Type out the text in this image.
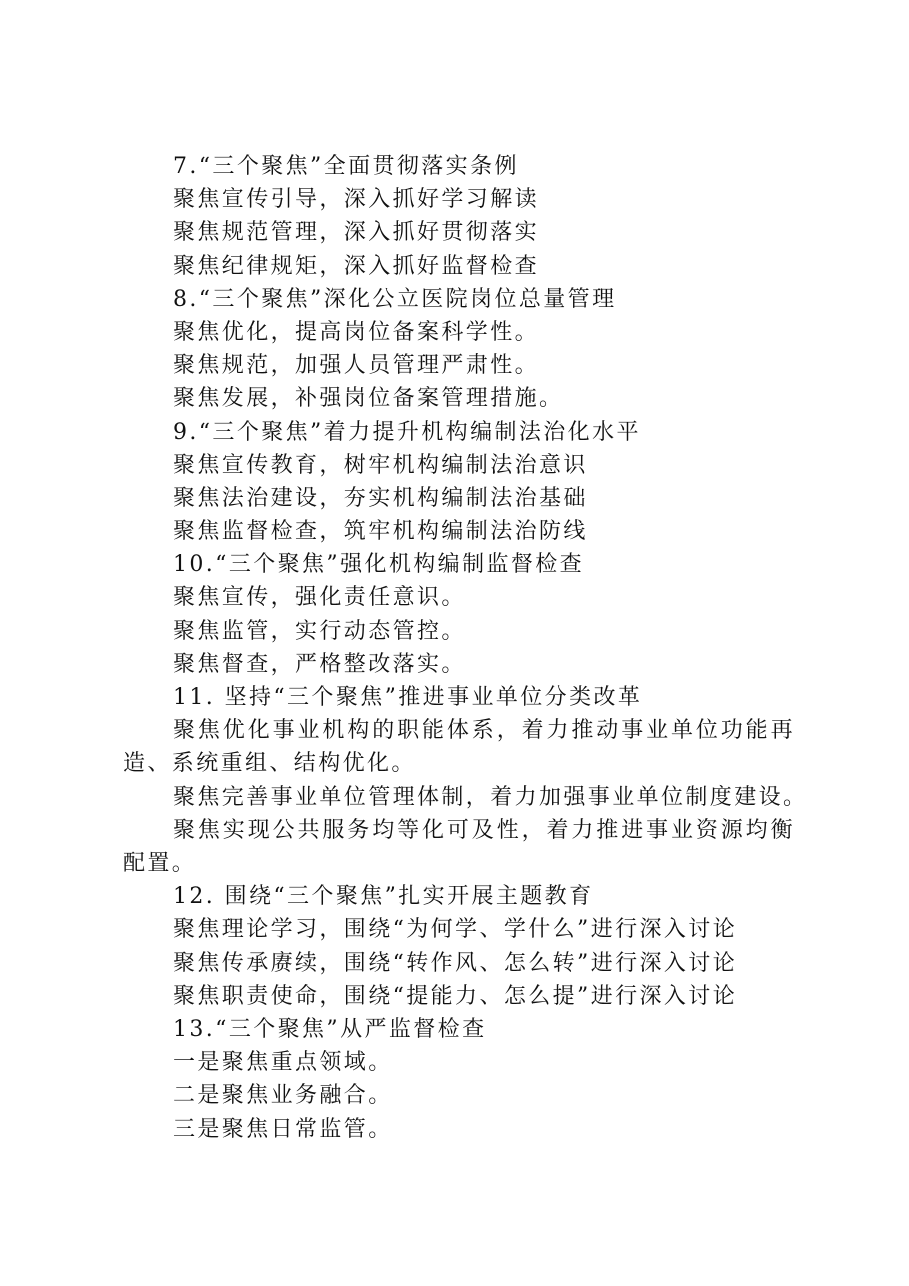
7.“三个聚焦”全面贯彻落实条例
聚焦宣传引导，深入抓好学习解读
聚焦规范管理，深入抓好贯彻落实
聚焦纪律规矩，深入抓好监督检查
8.“三个聚焦”深化公立医院岗位总量管理
聚焦优化，提高岗位备案科学性。
聚焦规范，加强人员管理严肃性。
聚焦发展，补强岗位备案管理措施。
9.“三个聚焦”着力提升机构编制法治化水平
聚焦宣传教育，树牢机构编制法治意识
聚焦法治建设，夯实机构编制法治基础
聚焦监督检查，筑牢机构编制法治防线
10.“三个聚焦”强化机构编制监督检查
聚焦宣传，强化责任意识。
聚焦监管，实行动态管控。
聚焦督查，严格整改落实。
11. 坚持“三个聚焦”推进事业单位分类改革
聚焦优化事业机构的职能体系，着力推动事业单位功能再造、系统重组、结构优化。
聚焦完善事业单位管理体制，着力加强事业单位制度建设。
聚焦实现公共服务均等化可及性，着力推进事业资源均衡配置。
12. 围绕“三个聚焦”扎实开展主题教育
聚焦理论学习，围绕“为何学、学什么”进行深入讨论
聚焦传承赓续，围绕“转作风、怎么转”进行深入讨论
聚焦职责使命，围绕“提能力、怎么提”进行深入讨论
13.“三个聚焦”从严监督检查
一是聚焦重点领域。
二是聚焦业务融合。
三是聚焦日常监管。
